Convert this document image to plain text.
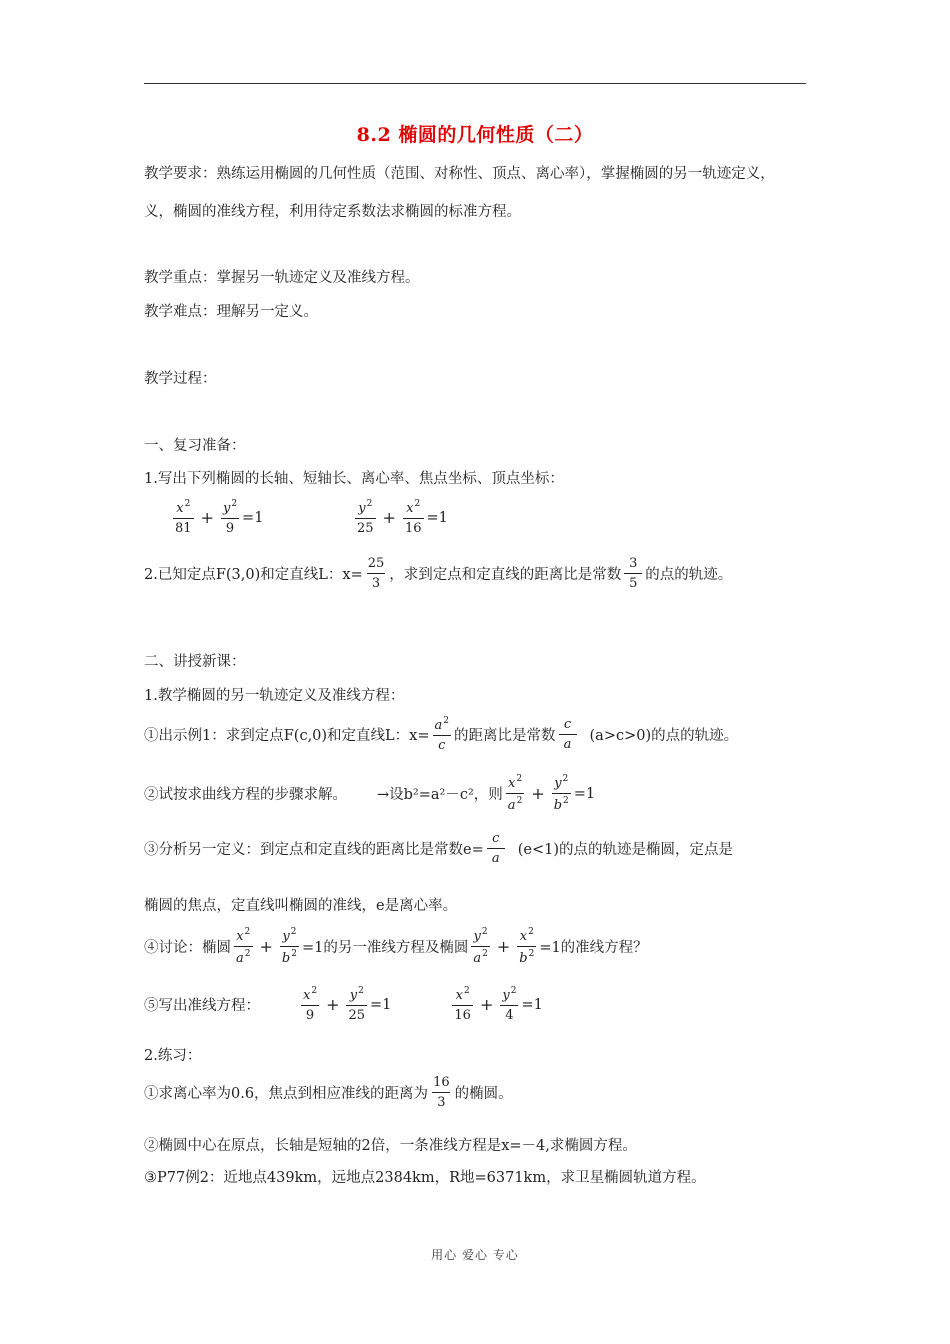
8.2 椭圆的几何性质（二）
教学要求：熟练运用椭圆的几何性质（范围、对称性、顶点、离心率），掌握椭圆的另一轨迹定义，
义，椭圆的准线方程，利用待定系数法求椭圆的标准方程。
教学重点：掌握另一轨迹定义及准线方程。
教学难点：理解另一定义。
教学过程：
一、复习准备：
1.写出下列椭圆的长轴、短轴长、离心率、焦点坐标、顶点坐标：
$\frac{x^2}{81} + \frac{y^2}{9} =1$	$\frac{y^2}{25} + \frac{x^2}{16} =1$
2.已知定点F(3,0)和定直线L：$x= \frac{25}{3}$ ，求到定点和定直线的距离比是常数 $\frac{3}{5}$ 的点的轨迹。
二、讲授新课：
1.教学椭圆的另一轨迹定义及准线方程：
①出示例1：求到定点F(c,0)和定直线L：$x= \frac{a^2}{c}$ 的距离比是常数 $\frac{c}{a} (a>c>0)$的点的轨迹。
②试按求曲线方程的步骤求解。 →设b²=a²－c²，则 $\frac{x^2}{a^2} + \frac{y^2}{b^2} =1$
③分析另一定义：到定点和定直线的距离比是常数$e= \frac{c}{a} (e<1)$的点的轨迹是椭圆，定点是
椭圆的焦点，定直线叫椭圆的准线，e是离心率。
④讨论：椭圆 $\frac{x^2}{a^2} + \frac{y^2}{b^2} =1$的另一准线方程及椭圆 $\frac{y^2}{a^2} + \frac{x^2}{b^2} =1$的准线方程？
⑤写出准线方程：	$\frac{x^2}{9} + \frac{y^2}{25} =1$	$\frac{x^2}{16} + \frac{y^2}{4} =1$
2.练习：
①求离心率为0.6，焦点到相应准线的距离为 $\frac{16}{3}$ 的椭圆。
②椭圆中心在原点，长轴是短轴的2倍，一条准线方程是x=－4,求椭圆方程。
③P77例2：近地点439km，远地点2384km，R地=6371km，求卫星椭圆轨道方程。
用心 爱心 专心
